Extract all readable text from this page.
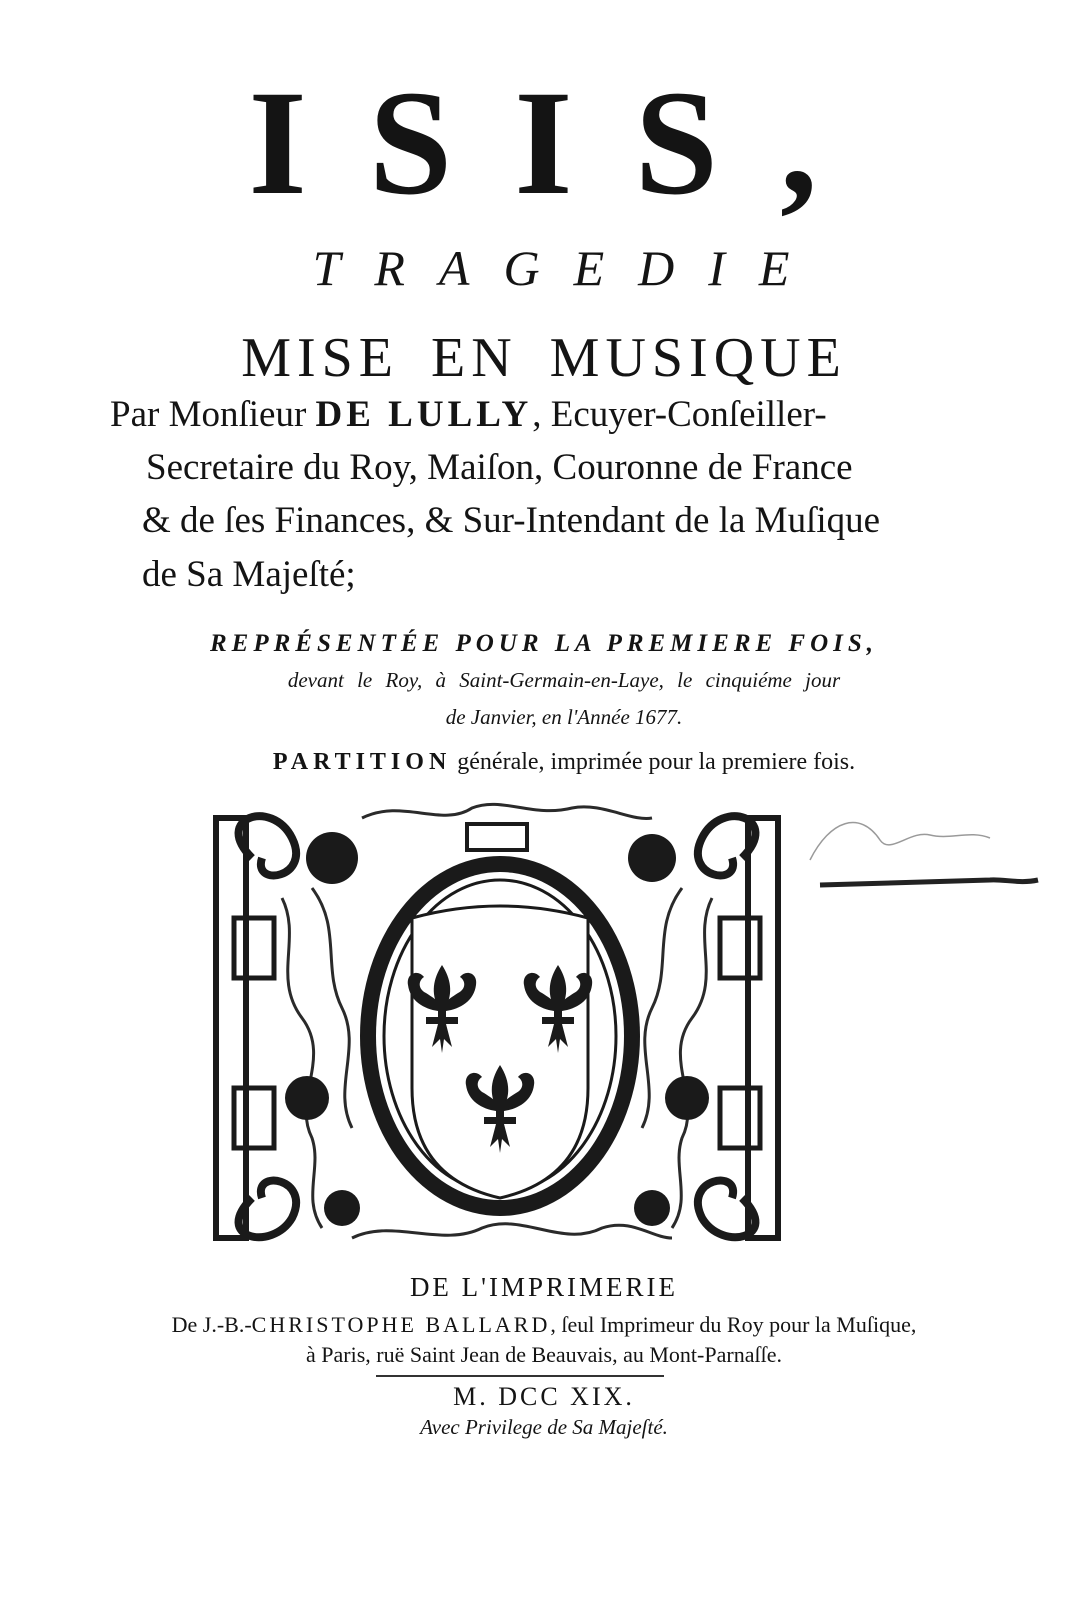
ISIS,
TRAGEDIE
MISE EN MUSIQUE
Par Monſieur DE LULLY, Ecuyer-Conſeiller-
Secretaire du Roy, Maiſon, Couronne de France
& de ſes Finances, & Sur-Intendant de la Muſique
de Sa Majeſté;
REPRÉSENTÉE POUR LA PREMIERE FOIS,
devant le Roy, à Saint-Germain-en-Laye, le cinquiéme jour
de Janvier, en l'Année 1677.
PARTITION générale, imprimée pour la premiere fois.
DE L'IMPRIMERIE
De J.-B.-CHRISTOPHE BALLARD, ſeul Imprimeur du Roy pour la Muſique,
à Paris, ruë Saint Jean de Beauvais, au Mont-Parnaſſe.
M. DCC XIX.
Avec Privilege de Sa Majeſté.
